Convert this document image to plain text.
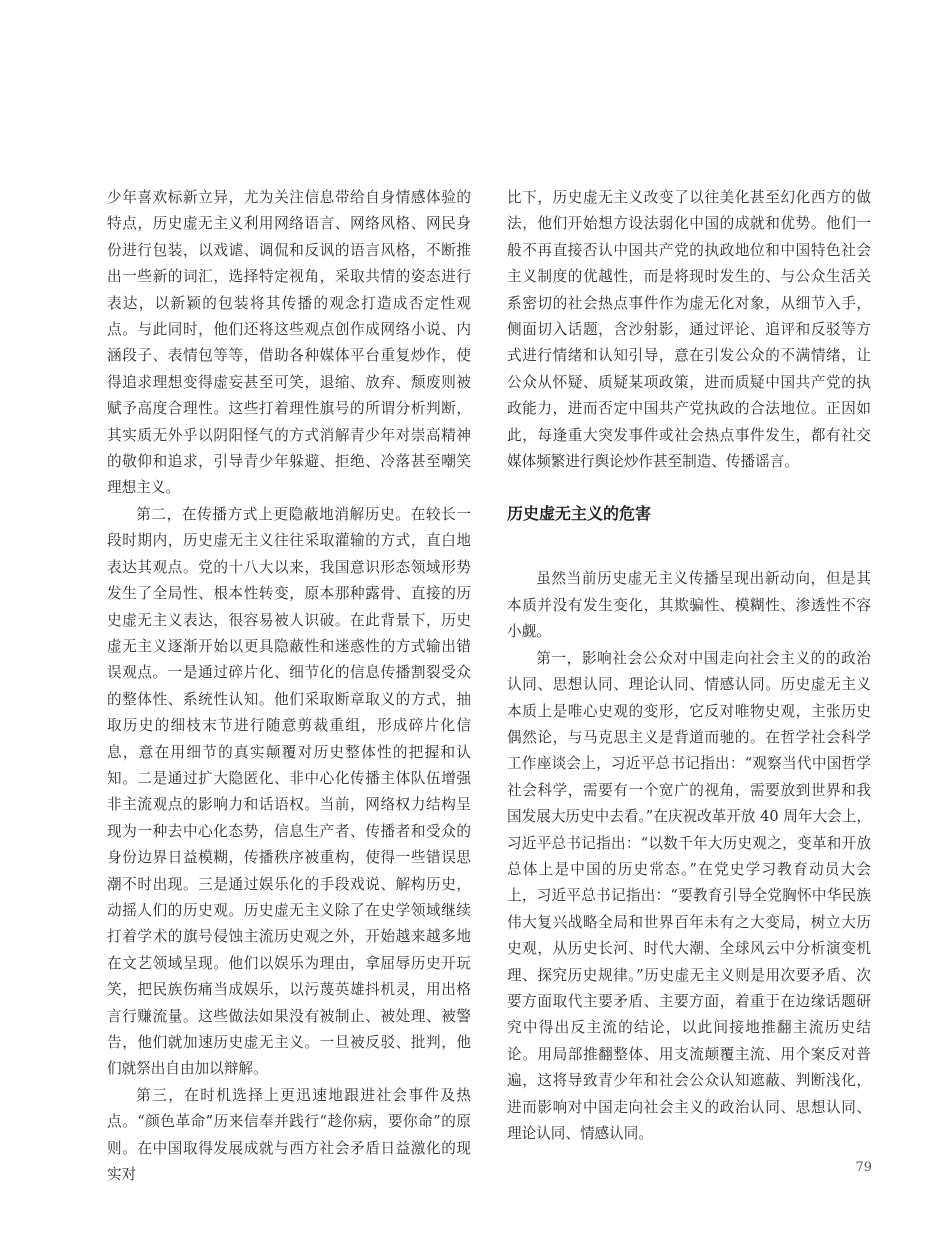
少年喜欢标新立异，尤为关注信息带给自身情感体验的特点，历史虚无主义利用网络语言、网络风格、网民身份进行包装，以戏谑、调侃和反讽的语言风格，不断推出一些新的词汇，选择特定视角，采取共情的姿态进行表达，以新颖的包装将其传播的观念打造成否定性观点。与此同时，他们还将这些观点创作成网络小说、内涵段子、表情包等等，借助各种媒体平台重复炒作，使得追求理想变得虚妄甚至可笑，退缩、放弃、颓废则被赋予高度合理性。这些打着理性旗号的所谓分析判断，其实质无外乎以阴阳怪气的方式消解青少年对崇高精神的敬仰和追求，引导青少年躲避、拒绝、冷落甚至嘲笑理想主义。

第二，在传播方式上更隐蔽地消解历史。在较长一段时期内，历史虚无主义往往采取灌输的方式，直白地表达其观点。党的十八大以来，我国意识形态领域形势发生了全局性、根本性转变，原本那种露骨、直接的历史虚无主义表达，很容易被人识破。在此背景下，历史虚无主义逐渐开始以更具隐蔽性和迷惑性的方式输出错误观点。一是通过碎片化、细节化的信息传播割裂受众的整体性、系统性认知。他们采取断章取义的方式，抽取历史的细枝末节进行随意剪裁重组，形成碎片化信息，意在用细节的真实颠覆对历史整体性的把握和认知。二是通过扩大隐匿化、非中心化传播主体队伍增强非主流观点的影响力和话语权。当前，网络权力结构呈现为一种去中心化态势，信息生产者、传播者和受众的身份边界日益模糊，传播秩序被重构，使得一些错误思潮不时出现。三是通过娱乐化的手段戏说、解构历史，动摇人们的历史观。历史虚无主义除了在史学领域继续打着学术的旗号侵蚀主流历史观之外，开始越来越多地在文艺领域呈现。他们以娱乐为理由，拿屈辱历史开玩笑，把民族伤痛当成娱乐，以污蔑英雄抖机灵，用出格言行赚流量。这些做法如果没有被制止、被处理、被警告，他们就加速历史虚无主义。一旦被反驳、批判，他们就祭出自由加以辩解。

第三，在时机选择上更迅速地跟进社会事件及热点。“颜色革命”历来信奉并践行“趁你病，要你命”的原则。在中国取得发展成就与西方社会矛盾日益激化的现实对

比下，历史虚无主义改变了以往美化甚至幻化西方的做法，他们开始想方设法弱化中国的成就和优势。他们一般不再直接否认中国共产党的执政地位和中国特色社会主义制度的优越性，而是将现时发生的、与公众生活关系密切的社会热点事件作为虚无化对象，从细节入手，侧面切入话题，含沙射影，通过评论、追评和反驳等方式进行情绪和认知引导，意在引发公众的不满情绪，让公众从怀疑、质疑某项政策，进而质疑中国共产党的执政能力，进而否定中国共产党执政的合法地位。正因如此，每逢重大突发事件或社会热点事件发生，都有社交媒体频繁进行舆论炒作甚至制造、传播谣言。

历史虚无主义的危害

虽然当前历史虚无主义传播呈现出新动向，但是其本质并没有发生变化，其欺骗性、模糊性、渗透性不容小觑。

第一，影响社会公众对中国走向社会主义的的政治认同、思想认同、理论认同、情感认同。历史虚无主义本质上是唯心史观的变形，它反对唯物史观，主张历史偶然论，与马克思主义是背道而驰的。在哲学社会科学工作座谈会上，习近平总书记指出：“观察当代中国哲学社会科学，需要有一个宽广的视角，需要放到世界和我国发展大历史中去看。”在庆祝改革开放 40 周年大会上，习近平总书记指出：“以数千年大历史观之，变革和开放总体上是中国的历史常态。”在党史学习教育动员大会上，习近平总书记指出：“要教育引导全党胸怀中华民族伟大复兴战略全局和世界百年未有之大变局，树立大历史观，从历史长河、时代大潮、全球风云中分析演变机理、探究历史规律。”历史虚无主义则是用次要矛盾、次要方面取代主要矛盾、主要方面，着重于在边缘话题研究中得出反主流的结论，以此间接地推翻主流历史结论。用局部推翻整体、用支流颠覆主流、用个案反对普遍，这将导致青少年和社会公众认知遮蔽、判断浅化，进而影响对中国走向社会主义的政治认同、思想认同、理论认同、情感认同。

79
